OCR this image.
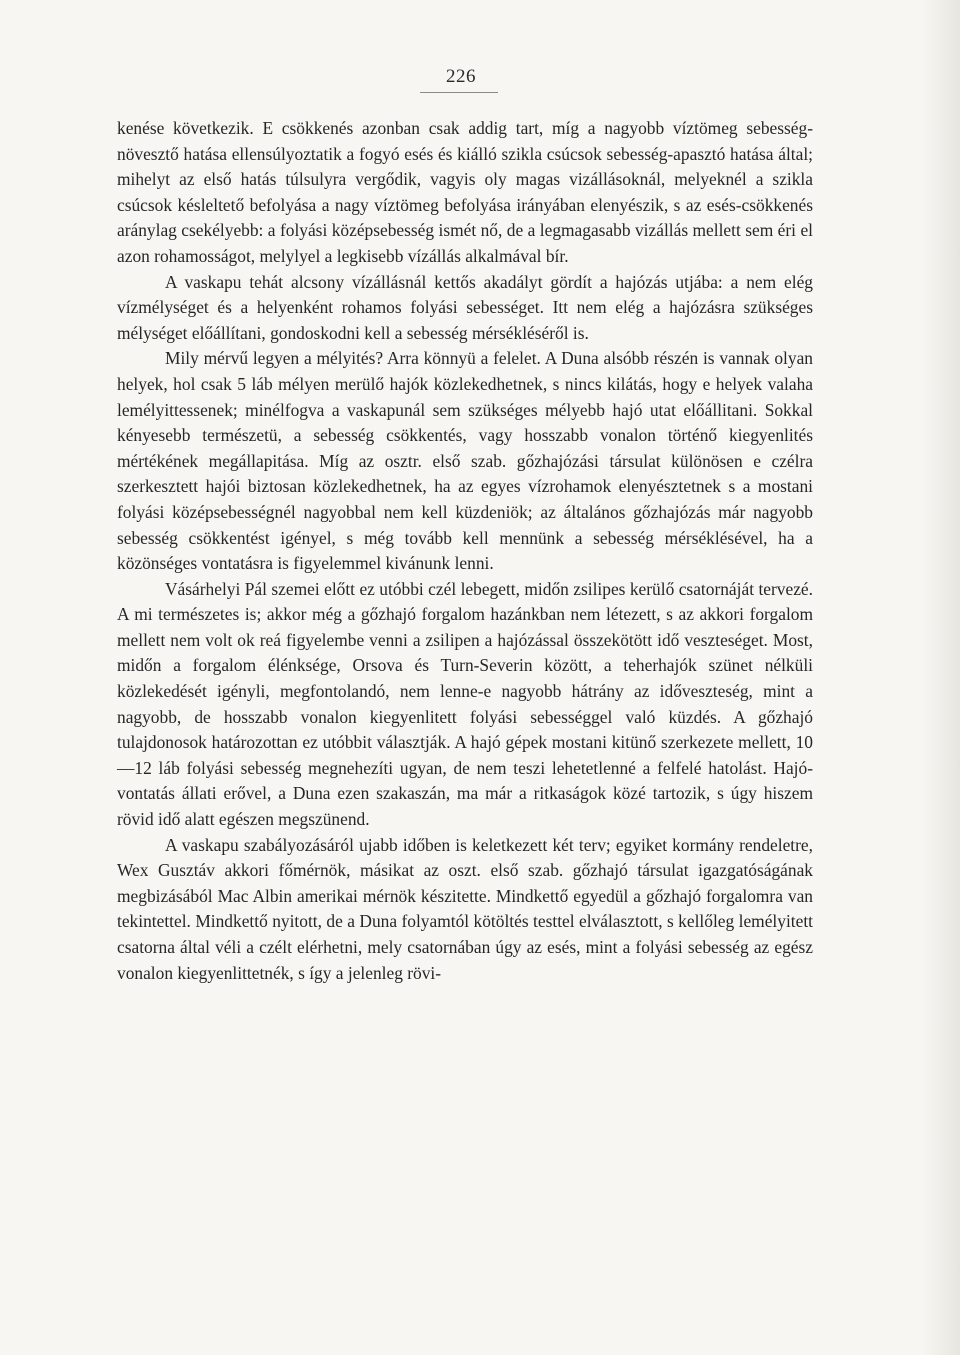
226

kenése következik. E csökkenés azonban csak addig tart, míg a nagyobb víztömeg sebesség-növesztő hatása ellensúlyoztatik a fogyó esés és kiálló szikla csúcsok sebesség-apasztó hatása által; mihelyt az első hatás túlsulyra vergődik, vagyis oly magas vizállásoknál, melyeknél a szikla csúcsok késleltető befolyása a nagy víztömeg befolyása irányában elenyészik, s az esés-csökkenés aránylag csekélyebb: a folyási középsebesség ismét nő, de a legmagasabb vizállás mellett sem éri el azon rohamosságot, melylyel a legkisebb vízállás alkalmával bír.

A vaskapu tehát alcsony vízállásnál kettős akadályt gördít a hajózás utjába: a nem elég vízmélységet és a helyenként rohamos folyási sebességet. Itt nem elég a hajózásra szükséges mélységet előállítani, gondoskodni kell a sebesség mérsékléséről is.

Mily mérvű legyen a mélyités? Arra könnyü a felelet. A Duna alsóbb részén is vannak olyan helyek, hol csak 5 láb mélyen merülő hajók közlekedhetnek, s nincs kilátás, hogy e helyek valaha lemélyittessenek; minélfogva a vaskapunál sem szükséges mélyebb hajó utat előállitani. Sokkal kényesebb természetü, a sebesség csökkentés, vagy hosszabb vonalon történő kiegyenlités mértékének megállapitása. Míg az osztr. első szab. gőzhajózási társulat különösen e czélra szerkesztett hajói biztosan közlekedhetnek, ha az egyes vízrohamok elenyésztetnek s a mostani folyási középsebességnél nagyobbal nem kell küzdeniök; az általános gőzhajózás már nagyobb sebesség csökkentést igényel, s még tovább kell mennünk a sebesség mérséklésével, ha a közönséges vontatásra is figyelemmel kivánunk lenni.

Vásárhelyi Pál szemei előtt ez utóbbi czél lebegett, midőn zsilipes kerülő csatornáját tervezé. A mi természetes is; akkor még a gőzhajó forgalom hazánkban nem létezett, s az akkori forgalom mellett nem volt ok reá figyelembe venni a zsilipen a hajózással összekötött idő veszteséget. Most, midőn a forgalom élénksége, Orsova és Turn-Severin között, a teherhajók szünet nélküli közlekedését igényli, megfontolandó, nem lenne-e nagyobb hátrány az időveszteség, mint a nagyobb, de hosszabb vonalon kiegyenlitett folyási sebességgel való küzdés. A gőzhajó tulajdonosok határozottan ez utóbbit választják. A hajó gépek mostani kitünő szerkezete mellett, 10—12 láb folyási sebesség megnehezíti ugyan, de nem teszi lehetetlenné a felfelé hatolást. Hajó-vontatás állati erővel, a Duna ezen szakaszán, ma már a ritkaságok közé tartozik, s úgy hiszem rövid idő alatt egészen megszünend.

A vaskapu szabályozásáról ujabb időben is keletkezett két terv; egyiket kormány rendeletre, Wex Gusztáv akkori főmérnök, másikat az oszt. első szab. gőzhajó társulat igazgatóságának megbizásából Mac Albin amerikai mérnök készitette. Mindkettő egyedül a gőzhajó forgalomra van tekintettel. Mindkettő nyitott, de a Duna folyamtól kötöltés testtel elválasztott, s kellőleg lemélyitett csatorna által véli a czélt elérhetni, mely csatornában úgy az esés, mint a folyási sebesség az egész vonalon kiegyenlittetnék, s így a jelenleg rövi-
